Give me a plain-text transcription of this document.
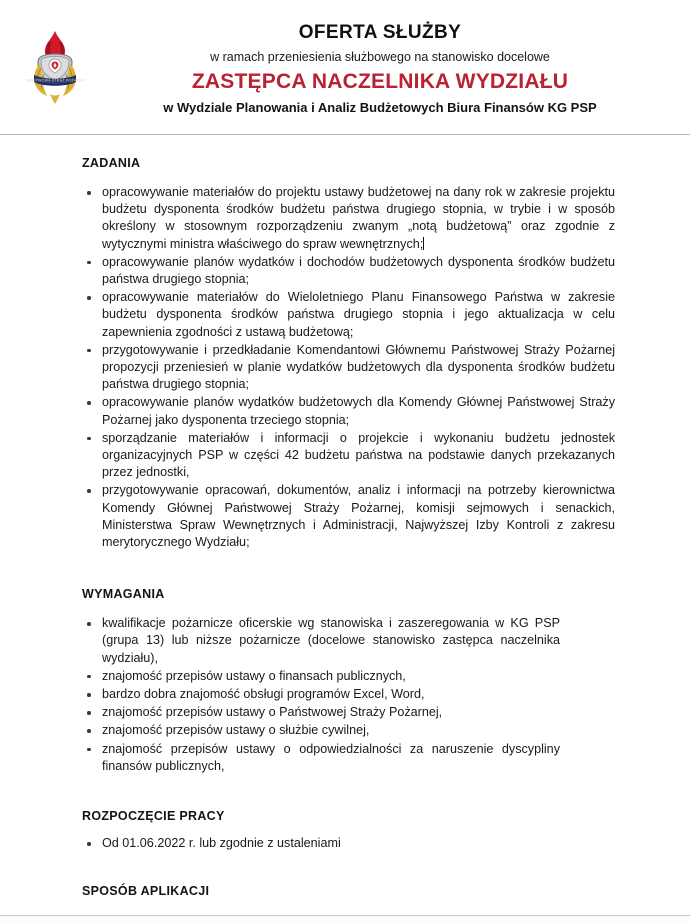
PAŃSTWOWA STRAŻ POŻARNA
OFERTA SŁUŻBY
w ramach przeniesienia służbowego na stanowisko docelowe
ZASTĘPCA NACZELNIKA WYDZIAŁU
w Wydziale Planowania i Analiz Budżetowych Biura Finansów KG PSP
ZADANIA
opracowywanie materiałów do projektu ustawy budżetowej na dany rok w zakresie projektu budżetu dysponenta środków budżetu państwa drugiego stopnia, w trybie i w sposób określony w stosownym rozporządzeniu zwanym „notą budżetową” oraz zgodnie z wytycznymi ministra właściwego do spraw wewnętrznych;
opracowywanie planów wydatków i dochodów budżetowych dysponenta środków budżetu państwa drugiego stopnia;
opracowywanie materiałów do Wieloletniego Planu Finansowego Państwa w zakresie budżetu dysponenta środków państwa drugiego stopnia i jego aktualizacja w celu zapewnienia zgodności z ustawą budżetową;
przygotowywanie i przedkładanie Komendantowi Głównemu Państwowej Straży Pożarnej propozycji przeniesień w planie wydatków budżetowych dla dysponenta środków budżetu państwa drugiego stopnia;
opracowywanie planów wydatków budżetowych dla Komendy Głównej Państwowej Straży Pożarnej jako dysponenta trzeciego stopnia;
sporządzanie materiałów i informacji o projekcie i wykonaniu budżetu jednostek organizacyjnych PSP w części 42 budżetu państwa na podstawie danych przekazanych przez jednostki,
przygotowywanie opracowań, dokumentów, analiz i informacji na potrzeby kierownictwa Komendy Głównej Państwowej Straży Pożarnej, komisji sejmowych i senackich, Ministerstwa Spraw Wewnętrznych i Administracji, Najwyższej Izby Kontroli z zakresu merytorycznego Wydziału;
WYMAGANIA
kwalifikacje pożarnicze oficerskie wg stanowiska i zaszeregowania w KG PSP (grupa 13) lub niższe pożarnicze (docelowe stanowisko zastępca naczelnika wydziału),
znajomość przepisów ustawy o finansach publicznych,
bardzo dobra znajomość obsługi programów Excel, Word,
znajomość przepisów ustawy o Państwowej Straży Pożarnej,
znajomość przepisów ustawy o służbie cywilnej,
znajomość przepisów ustawy o odpowiedzialności za naruszenie dyscypliny finansów publicznych,
ROZPOCZĘCIE PRACY
Od 01.06.2022 r. lub zgodnie z ustaleniami
SPOSÓB APLIKACJI
